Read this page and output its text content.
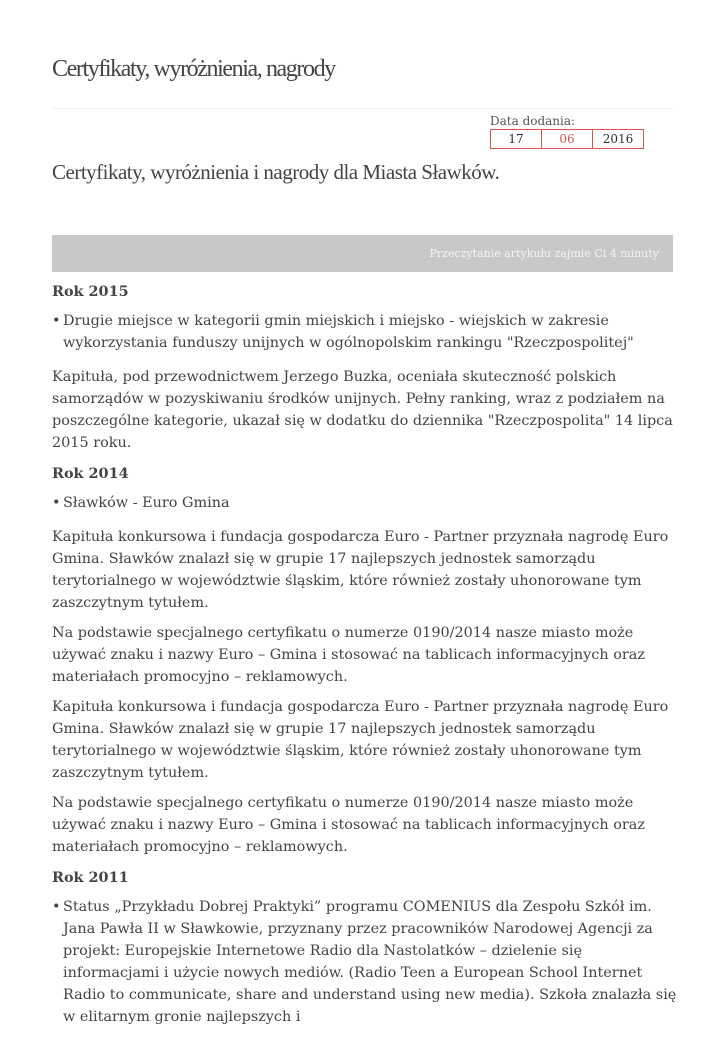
Certyfikaty, wyróżnienia, nagrody
Data dodania:
17	06	2016
Certyfikaty, wyróżnienia i nagrody dla Miasta Sławków.
Przeczytanie artykułu zajmie Ci 4 minuty
Rok 2015
• Drugie miejsce w kategorii gmin miejskich i miejsko - wiejskich w zakresie wykorzystania funduszy unijnych w ogólnopolskim rankingu "Rzeczpospolitej"

Kapituła, pod przewodnictwem Jerzego Buzka, oceniała skuteczność polskich samorządów w pozyskiwaniu środków unijnych. Pełny ranking, wraz z podziałem na poszczególne kategorie, ukazał się w dodatku do dziennika "Rzeczpospolita" 14 lipca 2015 roku.

Rok 2014
• Sławków - Euro Gmina

Kapituła konkursowa i fundacja gospodarcza Euro - Partner przyznała nagrodę Euro Gmina. Sławków znalazł się w grupie 17 najlepszych jednostek samorządu terytorialnego w województwie śląskim, które również zostały uhonorowane tym zaszczytnym tytułem.

Na podstawie specjalnego certyfikatu o numerze 0190/2014 nasze miasto może używać znaku i nazwy Euro – Gmina i stosować na tablicach informacyjnych oraz materiałach promocyjno – reklamowych.

Kapituła konkursowa i fundacja gospodarcza Euro - Partner przyznała nagrodę Euro Gmina. Sławków znalazł się w grupie 17 najlepszych jednostek samorządu terytorialnego w województwie śląskim, które również zostały uhonorowane tym zaszczytnym tytułem.

Na podstawie specjalnego certyfikatu o numerze 0190/2014 nasze miasto może używać znaku i nazwy Euro – Gmina i stosować na tablicach informacyjnych oraz materiałach promocyjno – reklamowych.

Rok 2011
• Status „Przykładu Dobrej Praktyki” programu COMENIUS dla Zespołu Szkół im. Jana Pawła II w Sławkowie, przyznany przez pracowników Narodowej Agencji za projekt: Europejskie Internetowe Radio dla Nastolatków – dzielenie się informacjami i użycie nowych mediów. (Radio Teen a European School Internet Radio to communicate, share and understand using new media). Szkoła znalazła się w elitarnym gronie najlepszych i
